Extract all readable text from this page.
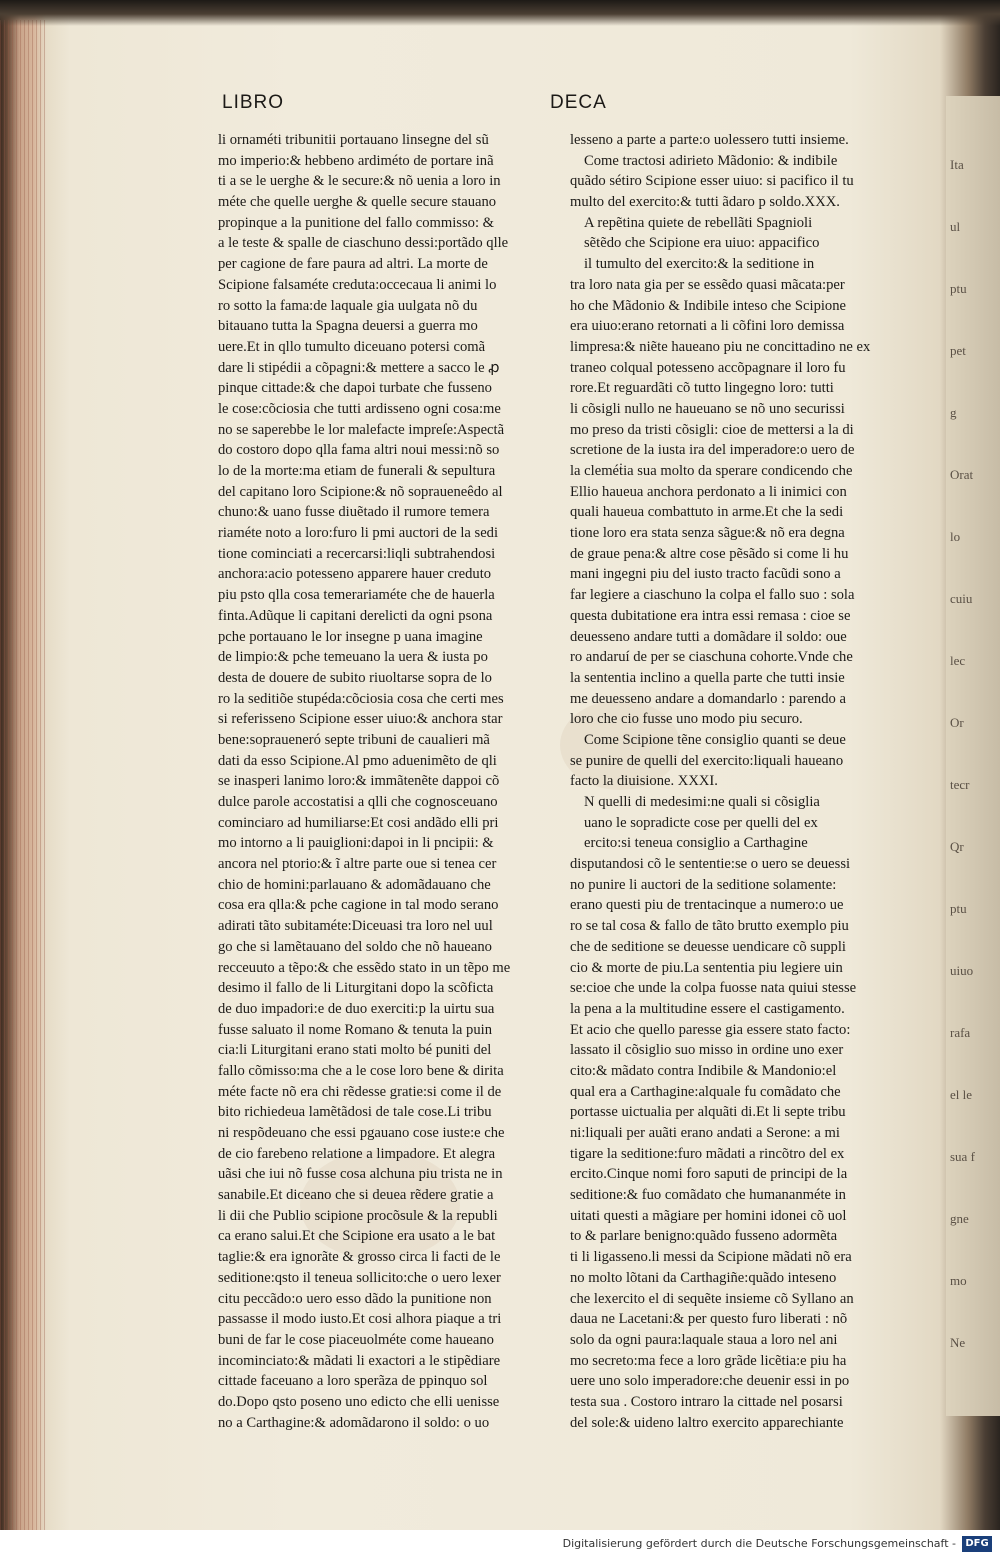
LIBRO	DECA
li ornaméti tribunitii portauano linsegne del sũ
mo imperio:& hebbeno ardiméto de portare inã
ti a se le uerghe & le secure:& nõ uenia a loro in
méte che quelle uerghe & quelle secure stauano
propinque a la punitione del fallo commisso: &
a le teste & spalle de ciaschuno dessi:portãdo qlle
per cagione de fare paura ad altri. La morte de
Scipione falsaméte creduta:occecaua li animi lo
ro sotto la fama:de laquale gia uulgata nõ du
bitauano tutta la Spagna deuersi a guerra mo
uere.Et in qllo tumulto diceuano potersi comã
dare li stipédii a cõpagni:& mettere a sacco le ꝓ
pinque cittade:& che dapoi turbate che fusseno
le cose:cõciosia che tutti ardisseno ogni cosa:me
no se saperebbe le lor malefacte impreſe:Aspectã
do costoro dopo qlla fama altri noui messi:nõ so
lo de la morte:ma etiam de funerali & sepultura
del capitano loro Scipione:& nõ sopraueneêdo al
chuno:& uano fusse diuẽtado il rumore temera
riaméte noto a loro:furo li pmi auctori de la sedi
tione cominciati a recercarsi:liqli subtrahendosi
anchora:acio potesseno apparere hauer creduto
piu psto qlla cosa temerariaméte che de hauerla
finta.Adũque li capitani derelicti da ogni psona
pche portauano le lor insegne p uana imagine
de limpio:& pche temeuano la uera & iusta po
desta de douere de subito riuoltarse sopra de lo
ro la seditiõe stupéda:cõciosia cosa che certi mes
si referisseno Scipione esser uiuo:& anchora star
bene:sopraueneró septe tribuni de caualieri mã
dati da esso Scipione.Al pmo aduenimẽto de qli
se inasperi lanimo loro:& immãtenẽte dappoi cõ
dulce parole accostatisi a qlli che cognosceuano
cominciaro ad humiliarse:Et cosi andãdo elli pri
mo intorno a li pauiglioni:dapoi in li pncipii: &
ancora nel ptorio:& ĩ altre parte oue si tenea cer
chio de homini:parlauano & adomãdauano che
cosa era qlla:& pche cagione in tal modo serano
adirati tãto subitaméte:Diceuasi tra loro nel uul
go che si lamẽtauano del soldo che nõ haueano
recceuuto a tẽpo:& che essẽdo stato in un tẽpo me
desimo il fallo de li Liturgitani dopo la scõficta
de duo impadori:e de duo exerciti:p la uirtu sua
fusse saluato il nome Romano & tenuta la puin
cia:li Liturgitani erano stati molto bé puniti del
fallo cõmisso:ma che a le cose loro bene & dirita
méte facte nõ era chi rẽdesse gratie:si come il de
bito richiedeua lamẽtãdosi de tale cose.Li tribu
ni respõdeuano che essi pgauano cose iuste:e che
de cio farebeno relatione a limpadore. Et alegra
uãsi che iui nõ fusse cosa alchuna piu trista ne in
sanabile.Et diceano che si deuea rẽdere gratie a
li dii che Publio scipione procõsule & la republi
ca erano salui.Et che Scipione era usato a le bat
taglie:& era ignorãte & grosso circa li facti de le
seditione:qsto il teneua sollicito:che o uero lexer
citu peccãdo:o uero esso dãdo la punitione non
passasse il modo iusto.Et cosi alhora piaque a tri
buni de far le cose piaceuolméte come haueano
incominciato:& mãdati li exactori a le stipẽdiare
cittade faceuano a loro sperãza de ppinquo sol
do.Dopo qsto poseno uno edicto che elli uenisse
no a Carthagine:& adomãdarono il soldo: o uo
lesseno a parte a parte:o uolessero tutti insieme.
Come tractosi adirieto Mãdonio: & indibile
quãdo sétiro Scipione esser uiuo: si pacifico il tu
multo del exercito:& tutti ãdaro p soldo.XXX.
A repẽtina quiete de rebellãti Spagnioli
sẽtẽdo che Scipione era uiuo: appacifico
il tumulto del exercito:& la seditione in
tra loro nata gia per se essẽdo quasi mãcata:per
ho che Mãdonio & Indibile inteso che Scipione
era uiuo:erano retornati a li cõfini loro demissa
limpresa:& niẽte haueano piu ne concittadino ne ex
traneo colqual potesseno accõpagnare il loro fu
rore.Et reguardãti cõ tutto lingegno loro: tutti
li cõsigli nullo ne haueuano se nõ uno securissi
mo preso da tristi cõsigli: cioe de mettersi a la di
scretione de la iusta ira del imperadore:o uero de
la cleméṫia sua molto da sperare condicendo che
Ellio haueua anchora perdonato a li inimici con
quali haueua combattuto in arme.Et che la sedi
tione loro era stata senza sãgue:& nõ era degna
de graue pena:& altre cose pẽsãdo si come li hu
mani ingegni piu del iusto tracto facũdi sono a
far legiere a ciaschuno la colpa el fallo suo : sola
questa dubitatione era intra essi remasa : cioe se
deuesseno andare tutti a domãdare il soldo: oue
ro andaruí de per se ciaschuna cohorte.Vnde che
la sententia inclino a quella parte che tutti insie
me deuesseno andare a domandarlo : parendo a
loro che cio fusse uno modo piu securo.
Come Scipione tẽne consiglio quanti se deue
se punire de quelli del exercito:liquali haueano
facto la diuisione. XXXI.
N quelli di medesimi:ne quali si cõsiglia
uano le sopradicte cose per quelli del ex
ercito:si teneua consiglio a Carthagine
disputandosi cõ le sententie:se o uero se deuessi
no punire li auctori de la seditione solamente:
erano questi piu de trentacinque a numero:o ue
ro se tal cosa & fallo de tãto brutto exemplo piu
che de seditione se deuesse uendicare cõ suppli
cio & morte de piu.La sententia piu legiere uin
se:cioe che unde la colpa fuosse nata quiui stesse
la pena a la multitudine essere el castigamento.
Et acio che quello paresse gia essere stato facto:
lassato il cõsiglio suo misso in ordine uno exer
cito:& mãdato contra Indibile & Mandonio:el
qual era a Carthagine:alquale fu comãdato che
portasse uictualia per alquãti di.Et li septe tribu
ni:liquali per auãti erano andati a Serone: a mi
tigare la seditione:furo mãdati a rincõtro del ex
ercito.Cinque nomi foro saputi de principi de la
seditione:& fuo comãdato che humananméte in
uitati questi a mãgiare per homini idonei cõ uol
to & parlare benigno:quãdo fusseno adormẽta
ti li ligasseno.li messi da Scipione mãdati nõ era
no molto lõtani da Carthagiñe:quãdo inteseno
che lexercito el di sequẽte insieme cõ Syllano an
daua ne Lacetani:& per questo furo liberati : nõ
solo da ogni paura:laquale staua a loro nel ani
mo secreto:ma fece a loro grãde licẽtia:e piu ha
uere uno solo imperadore:che deuenir essi in po
testa sua . Costoro intraro la cittade nel posarsi
del sole:& uideno laltro exercito apparechiante
Ita
ul
ptu
pet
g
Orat
lo
cuiu
lec
Or
tecr
Qr
ptu
uiuo
rafa
el le
sua f
gne
mo
Ne
Digitalisierung gefördert durch die Deutsche Forschungsgemeinschaft - DFG
